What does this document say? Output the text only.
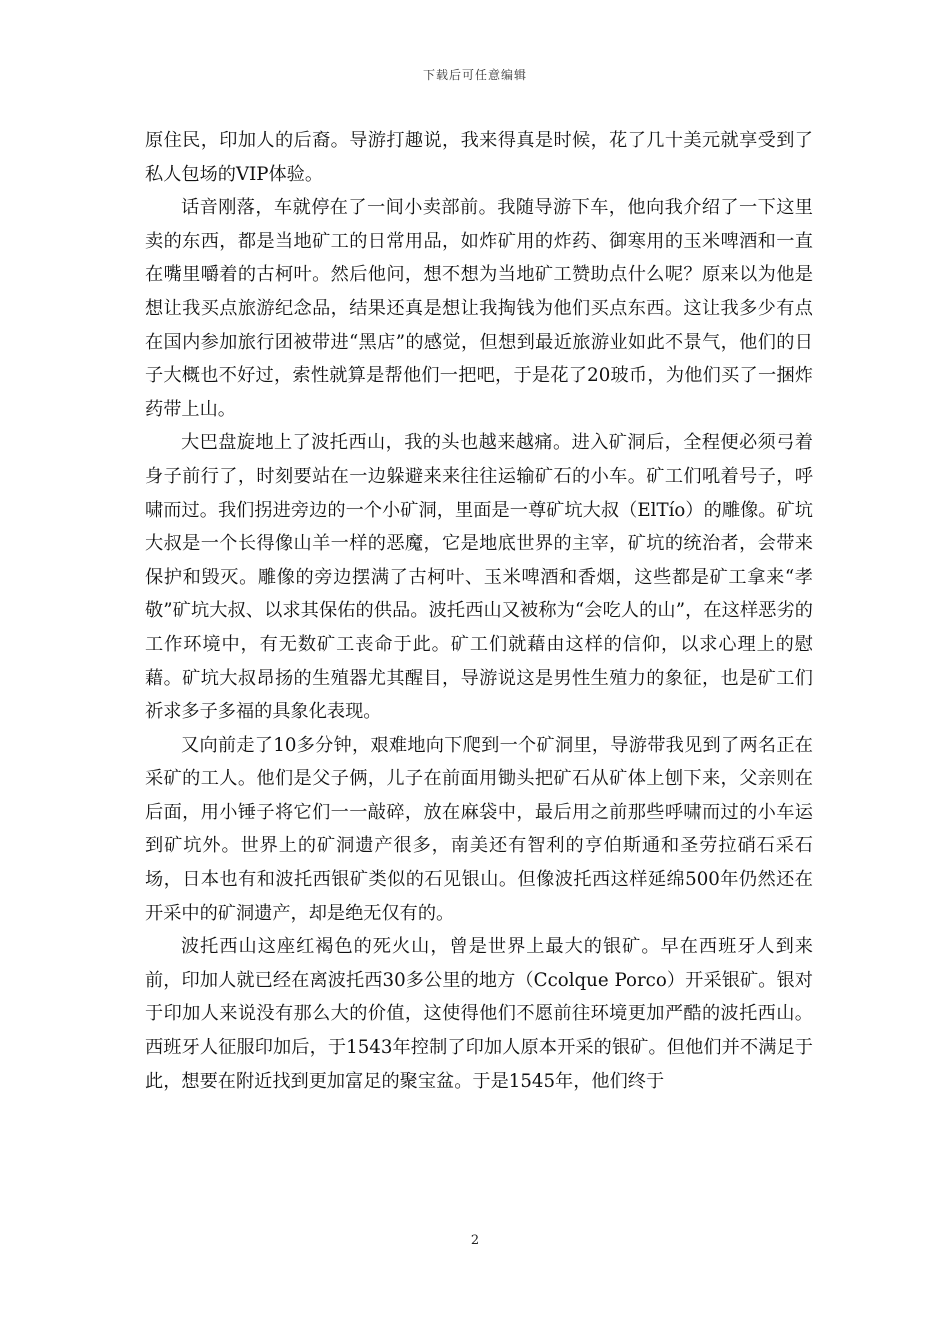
下载后可任意编辑

原住民，印加人的后裔。导游打趣说，我来得真是时候，花了几十美元就享受到了私人包场的VIP体验。

话音刚落，车就停在了一间小卖部前。我随导游下车，他向我介绍了一下这里卖的东西，都是当地矿工的日常用品，如炸矿用的炸药、御寒用的玉米啤酒和一直在嘴里嚼着的古柯叶。然后他问，想不想为当地矿工赞助点什么呢？原来以为他是想让我买点旅游纪念品，结果还真是想让我掏钱为他们买点东西。这让我多少有点在国内参加旅行团被带进“黑店”的感觉，但想到最近旅游业如此不景气，他们的日子大概也不好过，索性就算是帮他们一把吧，于是花了20玻币，为他们买了一捆炸药带上山。

大巴盘旋地上了波托西山，我的头也越来越痛。进入矿洞后，全程便必须弓着身子前行了，时刻要站在一边躲避来来往往运输矿石的小车。矿工们吼着号子，呼啸而过。我们拐进旁边的一个小矿洞，里面是一尊矿坑大叔（ElTío）的雕像。矿坑大叔是一个长得像山羊一样的恶魔，它是地底世界的主宰，矿坑的统治者，会带来保护和毁灭。雕像的旁边摆满了古柯叶、玉米啤酒和香烟，这些都是矿工拿来“孝敬”矿坑大叔、以求其保佑的供品。波托西山又被称为“会吃人的山”，在这样恶劣的工作环境中，有无数矿工丧命于此。矿工们就藉由这样的信仰，以求心理上的慰藉。矿坑大叔昂扬的生殖器尤其醒目，导游说这是男性生殖力的象征，也是矿工们祈求多子多福的具象化表现。

又向前走了10多分钟，艰难地向下爬到一个矿洞里，导游带我见到了两名正在采矿的工人。他们是父子俩，儿子在前面用锄头把矿石从矿体上刨下来，父亲则在后面，用小锤子将它们一一敲碎，放在麻袋中，最后用之前那些呼啸而过的小车运到矿坑外。世界上的矿洞遗产很多，南美还有智利的亨伯斯通和圣劳拉硝石采石场，日本也有和波托西银矿类似的石见银山。但像波托西这样延绵500年仍然还在开采中的矿洞遗产，却是绝无仅有的。

波托西山这座红褐色的死火山，曾是世界上最大的银矿。早在西班牙人到来前，印加人就已经在离波托西30多公里的地方（Ccolque Porco）开采银矿。银对于印加人来说没有那么大的价值，这使得他们不愿前往环境更加严酷的波托西山。西班牙人征服印加后，于1543年控制了印加人原本开采的银矿。但他们并不满足于此，想要在附近找到更加富足的聚宝盆。于是1545年，他们终于

2
